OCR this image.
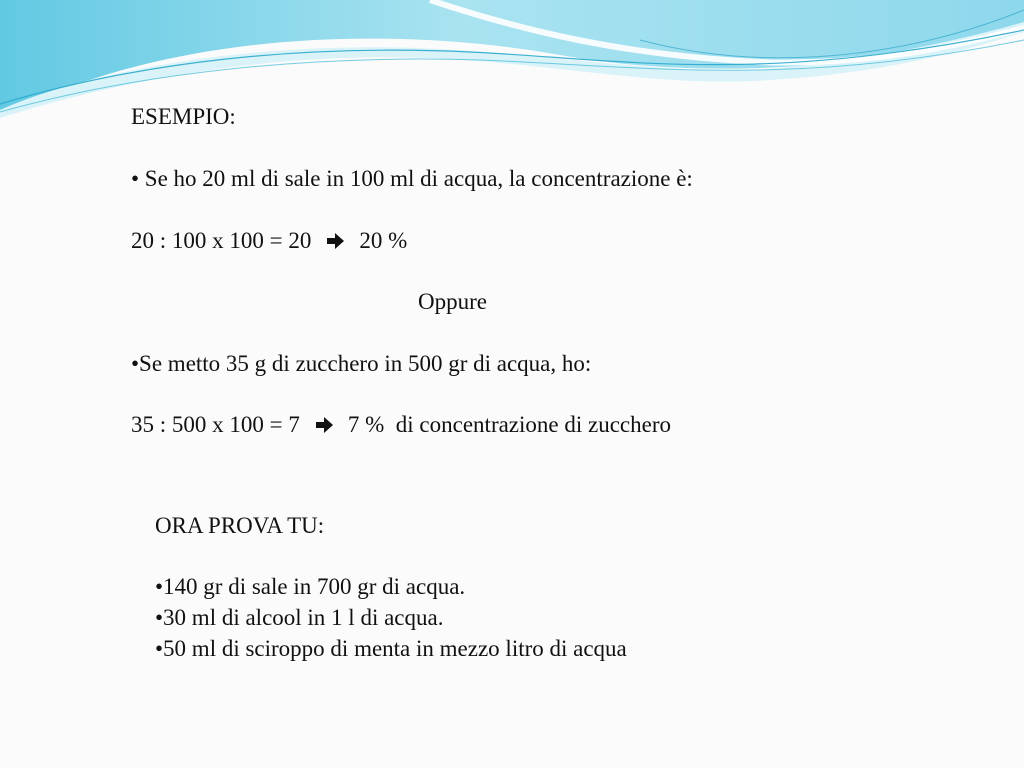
ESEMPIO:
• Se ho 20 ml di sale in 100 ml di acqua, la concentrazione è:
20 : 100 x 100 = 20 20 %
Oppure
•Se metto 35 g di zucchero in 500 gr di acqua, ho:
35 : 500 x 100 = 7 7 %  di concentrazione di zucchero
ORA PROVA TU:
•140 gr di sale in 700 gr di acqua.
•30 ml di alcool in 1 l di acqua.
•50 ml di sciroppo di menta in mezzo litro di acqua
